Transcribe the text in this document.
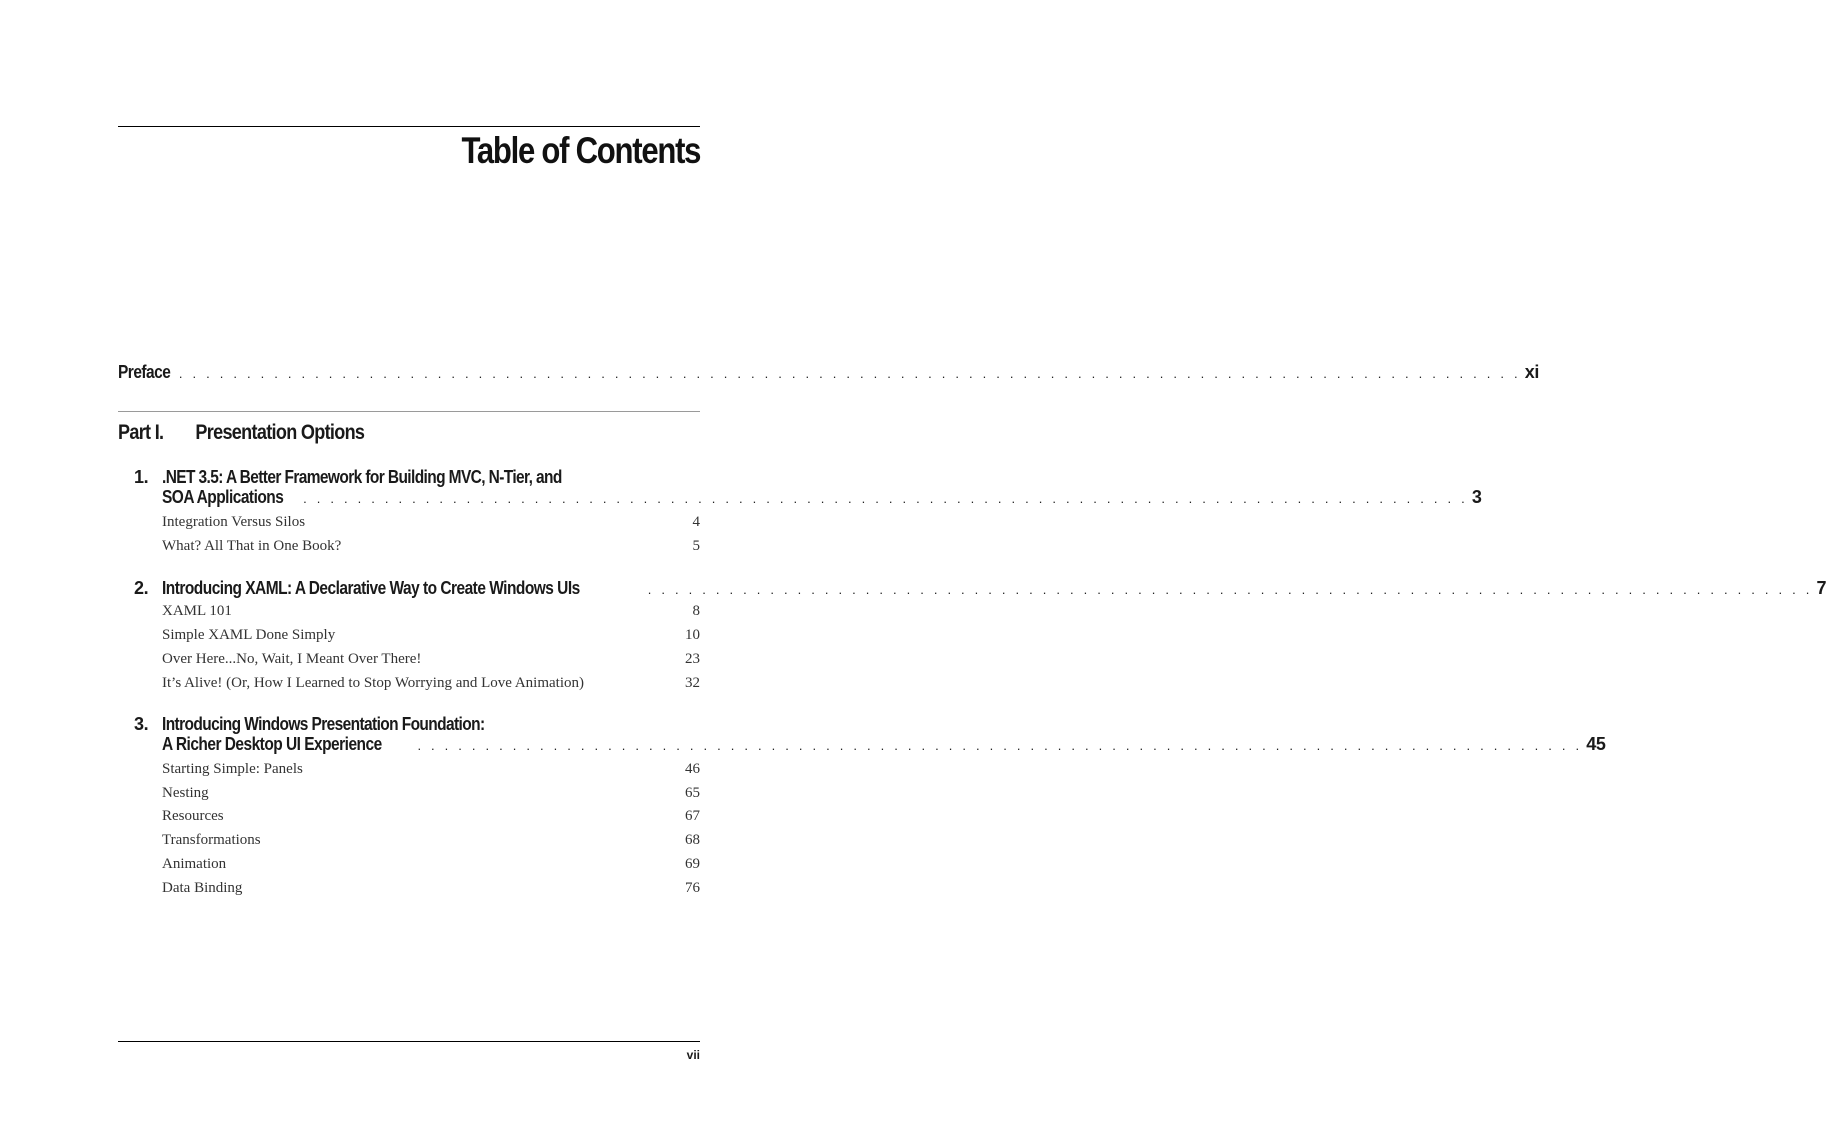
Table of Contents
Preface . . . . . . . . . . . . . . . . . . . . . . . . . . . . . . . . . . . . . . . . . . . . . . . . . . . . . . . . . . . . . . . . . . . . . . . . . . . . . . . . . . . . . . . . . . . . . . . . . . . xi
Part I. Presentation Options
1. .NET 3.5: A Better Framework for Building MVC, N-Tier, and
SOA Applications . . . . . . . . . . . . . . . . . . . . . . . . . . . . . . . . . . . . . . . . . . . . . . . . . . . . . . . . . . . . . . . . . . . . . . . . . . . . . . . . . . . . . . 3
Integration Versus Silos	4
What? All That in One Book?	5
2. Introducing XAML: A Declarative Way to Create Windows UIs	. . . . . . . . . . . . . . . . . . . . . . . . . . . . . . . . . . . . . . . . . . . . . . . . . . . . . . . . . . . . . . . . . . . . . . . . . . . . . . . . . . . . . . 7
XAML 101	8
Simple XAML Done Simply	10
Over Here...No, Wait, I Meant Over There!	23
It’s Alive! (Or, How I Learned to Stop Worrying and Love Animation)	32
3. Introducing Windows Presentation Foundation:
A Richer Desktop UI Experience	. . . . . . . . . . . . . . . . . . . . . . . . . . . . . . . . . . . . . . . . . . . . . . . . . . . . . . . . . . . . . . . . . . . . . . . . . . . . . . . . . . . . . . 45
Starting Simple: Panels	46
Nesting	65
Resources	67
Transformations	68
Animation	69
Data Binding	76
vii
